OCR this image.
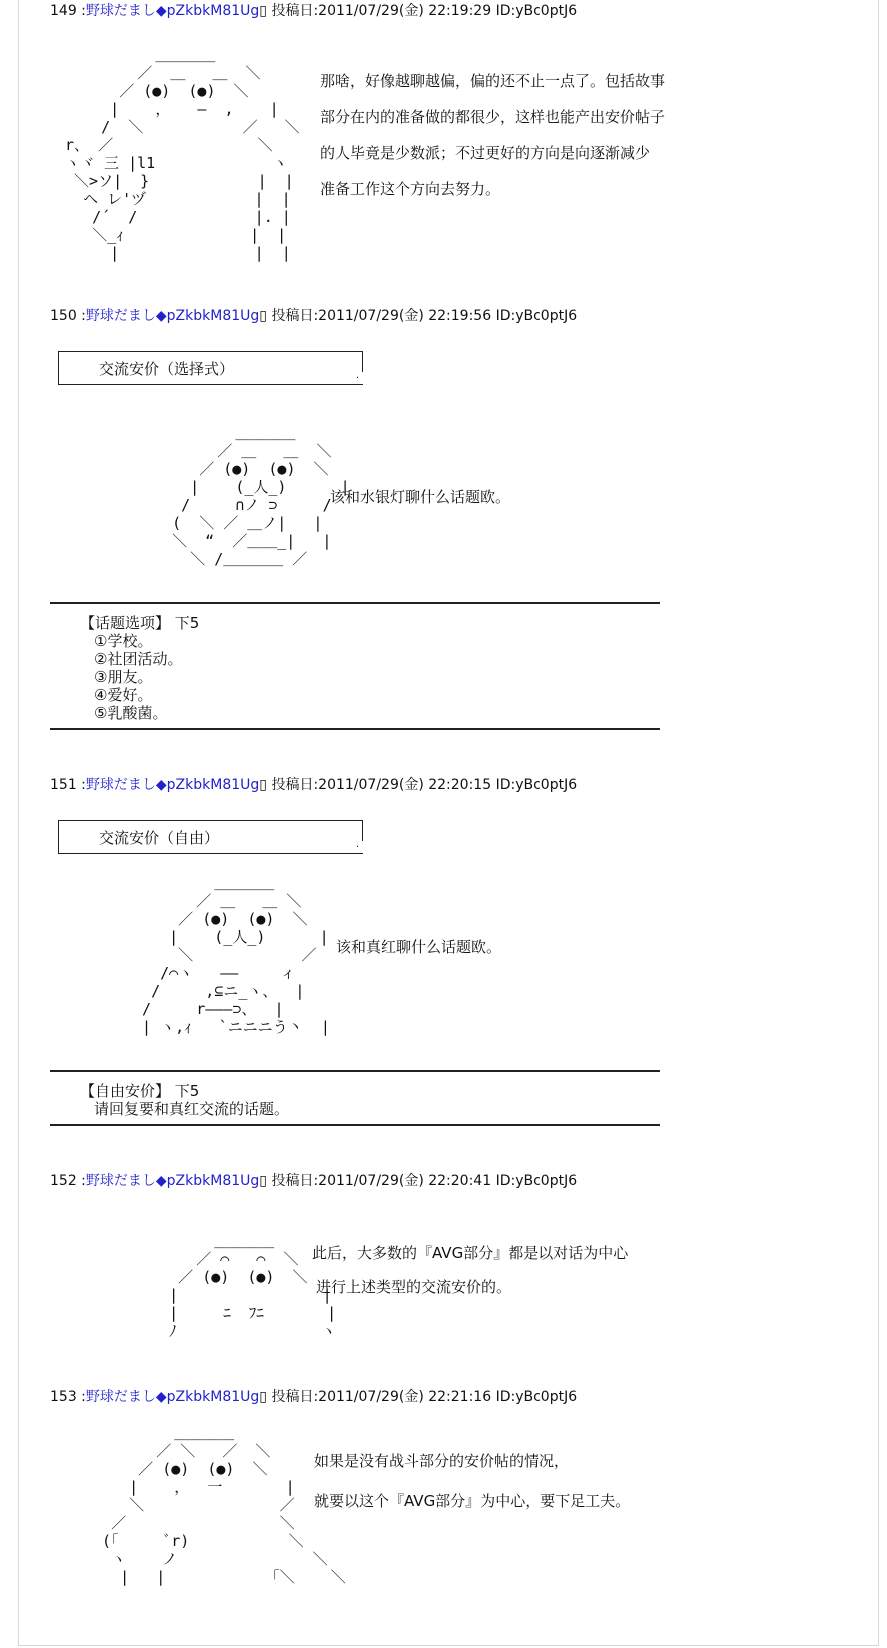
149 :野球だまし◆pZkbkM81Ug▯ 投稿日:2011/07/29(金) 22:19:29 ID:yBc0ptJ6
＿＿＿＿
／  ＿   ＿  ＼
／ (●)  (●)  ＼
|    ，   ―  ,    |
/  ＼           ／   ＼
r、 ／                ＼
ヽヾ 三 |l1             ヽ
＼>ソ|  }            |  |
ヘ レ'ヅ            |  |
/´  /             |. |
＼_ｨ              |  |
|               |  |
那啥，好像越聊越偏，偏的还不止一点了。包括故事
部分在内的准备做的都很少，这样也能产出安价帖子
的人毕竟是少数派；不过更好的方向是向逐渐减少
准备工作这个方向去努力。
150 :野球だまし◆pZkbkM81Ug▯ 投稿日:2011/07/29(金) 22:19:56 ID:yBc0ptJ6
交流安价（选择式）	.
＿＿＿＿
／ ＿   ＿  ＼
／ (●)  (●)  ＼
|    (_人_)      |
/     ∩ノ ⊃     /
(  ＼ ／ ＿ノ|   |
＼  “  ／＿＿_|   |
＼ /＿＿＿＿ ／
该和水银灯聊什么话题欧。
【话题选项】 下5
①学校。
②社团活动。
③朋友。
④爱好。
⑤乳酸菌。
151 :野球だまし◆pZkbkM81Ug▯ 投稿日:2011/07/29(金) 22:20:15 ID:yBc0ptJ6
交流安价（自由）	.
＿＿＿＿
／ ＿   ＿ ＼
／ (●)  (●)  ＼
|    (_人_)      |
＼            ／
/⌒ヽ   ―― 　  ィ
/     ,⊆ニ_ヽ、  |
/     r―――⊃、  |
| ヽ,ｨ   `ニニニう丶  |
该和真红聊什么话题欧。
【自由安价】 下5
请回复要和真红交流的话题。
152 :野球だまし◆pZkbkM81Ug▯ 投稿日:2011/07/29(金) 22:20:41 ID:yBc0ptJ6
＿＿＿＿
／ ⌒   ⌒  ＼
／ (●)  (●)  ＼
|                |
|     ﾆ  ﾌﾆ       |
ﾉ                ヽ
此后，大多数的『AVG部分』都是以对话为中心
进行上述类型的交流安价的。
153 :野球だまし◆pZkbkM81Ug▯ 投稿日:2011/07/29(金) 22:21:16 ID:yBc0ptJ6
＿＿＿＿
／ ＼   ／  ＼
／ (●)  (●)  ＼
|    ，  一       |
＼               ／
／                 ＼
(「     ﾞr)           ＼
ヽ    ノ               ＼
|   |           「＼    ＼
如果是没有战斗部分的安价帖的情况，
就要以这个『AVG部分』为中心，要下足工夫。
